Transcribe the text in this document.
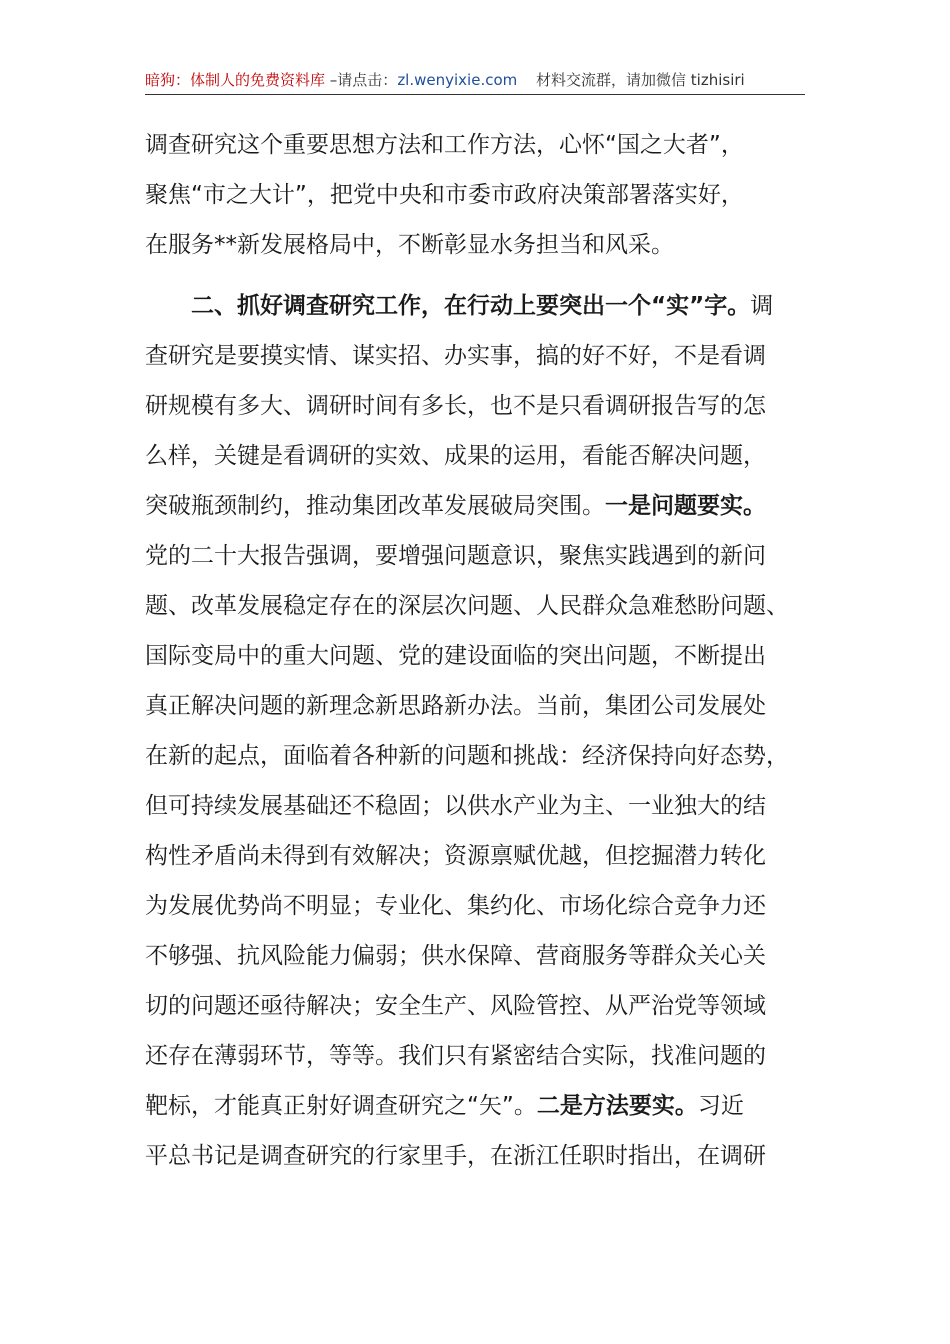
暗狗：体制人的免费资料库 –请点击：zl.wenyixie.com 材料交流群，请加微信 tizhisiri
调查研究这个重要思想方法和工作方法，心怀“国之大者”，
聚焦“市之大计”，把党中央和市委市政府决策部署落实好，
在服务**新发展格局中，不断彰显水务担当和风采。
二、抓好调查研究工作，在行动上要突出一个“实”字。调
查研究是要摸实情、谋实招、办实事，搞的好不好，不是看调
研规模有多大、调研时间有多长，也不是只看调研报告写的怎
么样，关键是看调研的实效、成果的运用，看能否解决问题，
突破瓶颈制约，推动集团改革发展破局突围。一是问题要实。
党的二十大报告强调，要增强问题意识，聚焦实践遇到的新问
题、改革发展稳定存在的深层次问题、人民群众急难愁盼问题、
国际变局中的重大问题、党的建设面临的突出问题，不断提出
真正解决问题的新理念新思路新办法。当前，集团公司发展处
在新的起点，面临着各种新的问题和挑战：经济保持向好态势，
但可持续发展基础还不稳固；以供水产业为主、一业独大的结
构性矛盾尚未得到有效解决；资源禀赋优越，但挖掘潜力转化
为发展优势尚不明显；专业化、集约化、市场化综合竞争力还
不够强、抗风险能力偏弱；供水保障、营商服务等群众关心关
切的问题还亟待解决；安全生产、风险管控、从严治党等领域
还存在薄弱环节，等等。我们只有紧密结合实际，找准问题的
靶标，才能真正射好调查研究之“矢”。二是方法要实。习近
平总书记是调查研究的行家里手，在浙江任职时指出，在调研
